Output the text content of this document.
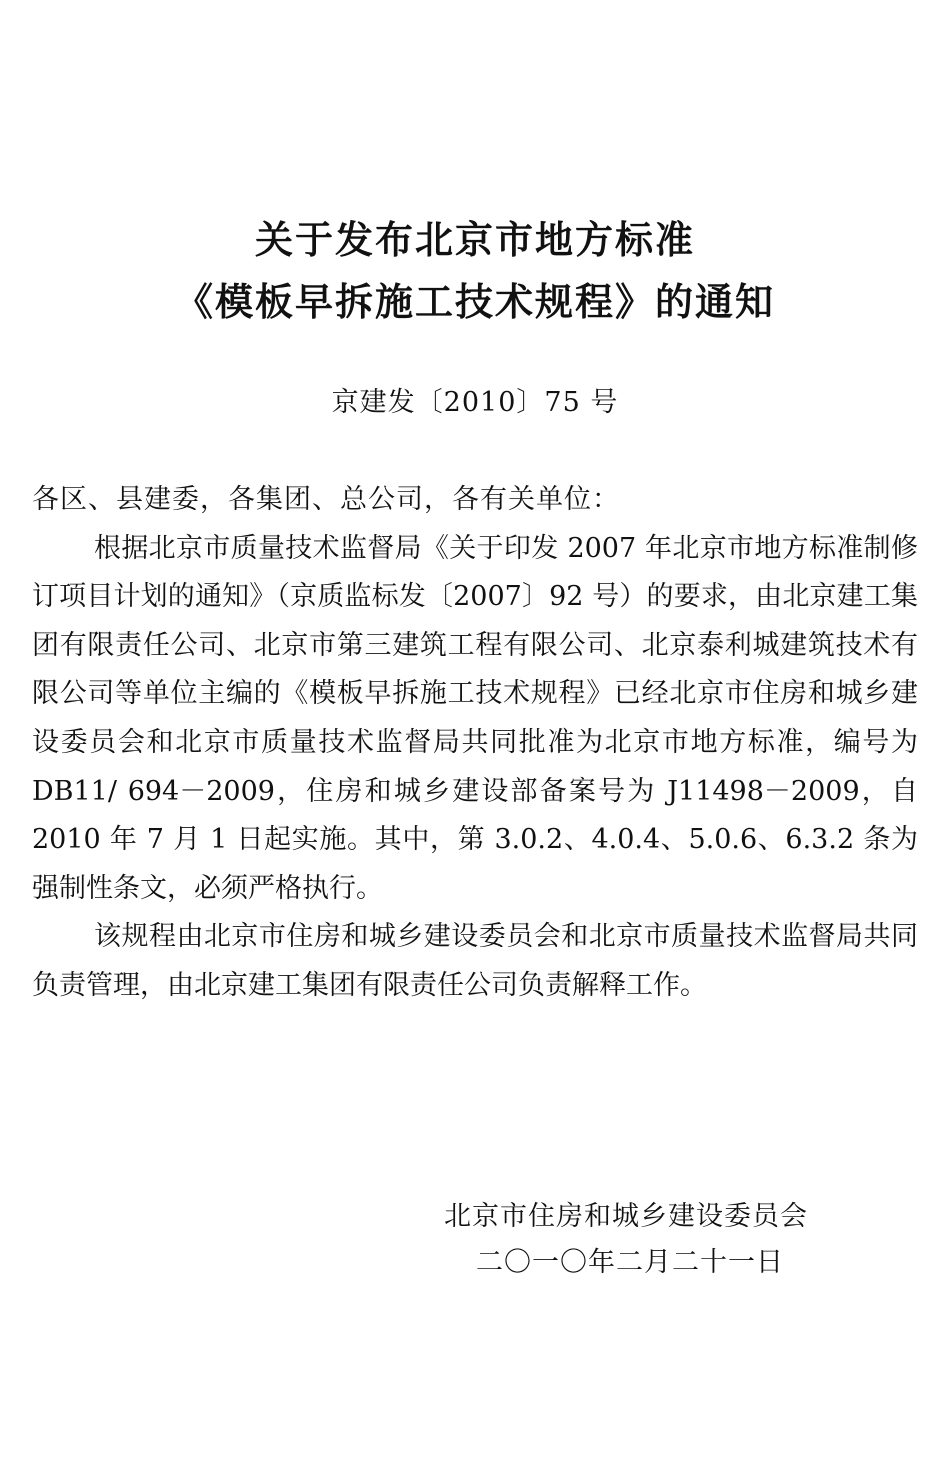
关于发布北京市地方标准
《模板早拆施工技术规程》的通知
京建发〔2010〕75 号

各区、县建委，各集团、总公司，各有关单位：

根据北京市质量技术监督局《关于印发 2007 年北京市地方标准制修订项目计划的通知》（京质监标发〔2007〕92 号）的要求，由北京建工集团有限责任公司、北京市第三建筑工程有限公司、北京泰利城建筑技术有限公司等单位主编的《模板早拆施工技术规程》已经北京市住房和城乡建设委员会和北京市质量技术监督局共同批准为北京市地方标准，编号为 DB11/ 694－2009，住房和城乡建设部备案号为 J11498－2009，自 2010 年 7 月 1 日起实施。其中，第 3.0.2、4.0.4、5.0.6、6.3.2 条为强制性条文，必须严格执行。

该规程由北京市住房和城乡建设委员会和北京市质量技术监督局共同负责管理，由北京建工集团有限责任公司负责解释工作。

北京市住房和城乡建设委员会
二〇一〇年二月二十一日
